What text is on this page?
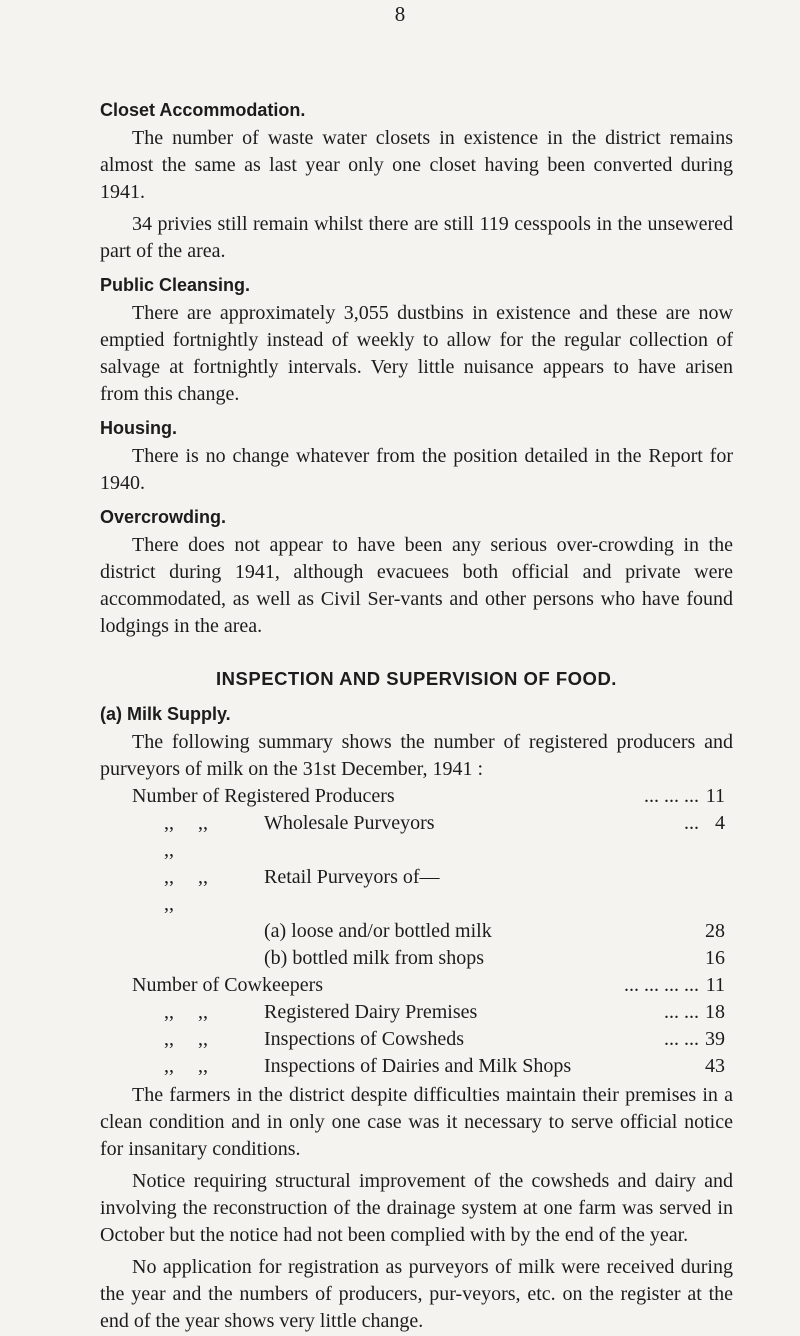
8
Closet Accommodation.

The number of waste water closets in existence in the district remains almost the same as last year only one closet having been converted during 1941.

34 privies still remain whilst there are still 119 cesspools in the unsewered part of the area.

Public Cleansing.

There are approximately 3,055 dustbins in existence and these are now emptied fortnightly instead of weekly to allow for the regular collection of salvage at fortnightly intervals. Very little nuisance appears to have arisen from this change.

Housing.

There is no change whatever from the position detailed in the Report for 1940.

Overcrowding.

There does not appear to have been any serious over-crowding in the district during 1941, although evacuees both official and private were accommodated, as well as Civil Ser-vants and other persons who have found lodgings in the area.

INSPECTION AND SUPERVISION OF FOOD.
(a) Milk Supply.

The following summary shows the number of registered producers and purveyors of milk on the 31st December, 1941 :

Number of Registered Producers		... ... ...	11
,, ,,,,	Wholesale Purveyors	...	4
,, ,,,,	Retail Purveyors of—		
	(a) loose and/or bottled milk		28
	(b) bottled milk from shops		16
Number of Cowkeepers		... ... ... ...	11
,, ,,	Registered Dairy Premises	... ...	18
,, ,,	Inspections of Cowsheds	... ...	39
,, ,,	Inspections of Dairies and Milk Shops		43

The farmers in the district despite difficulties maintain their premises in a clean condition and in only one case was it necessary to serve official notice for insanitary conditions.

Notice requiring structural improvement of the cowsheds and dairy and involving the reconstruction of the drainage system at one farm was served in October but the notice had not been complied with by the end of the year.

No application for registration as purveyors of milk were received during the year and the numbers of producers, pur-veyors, etc. on the register at the end of the year shows very little change.
